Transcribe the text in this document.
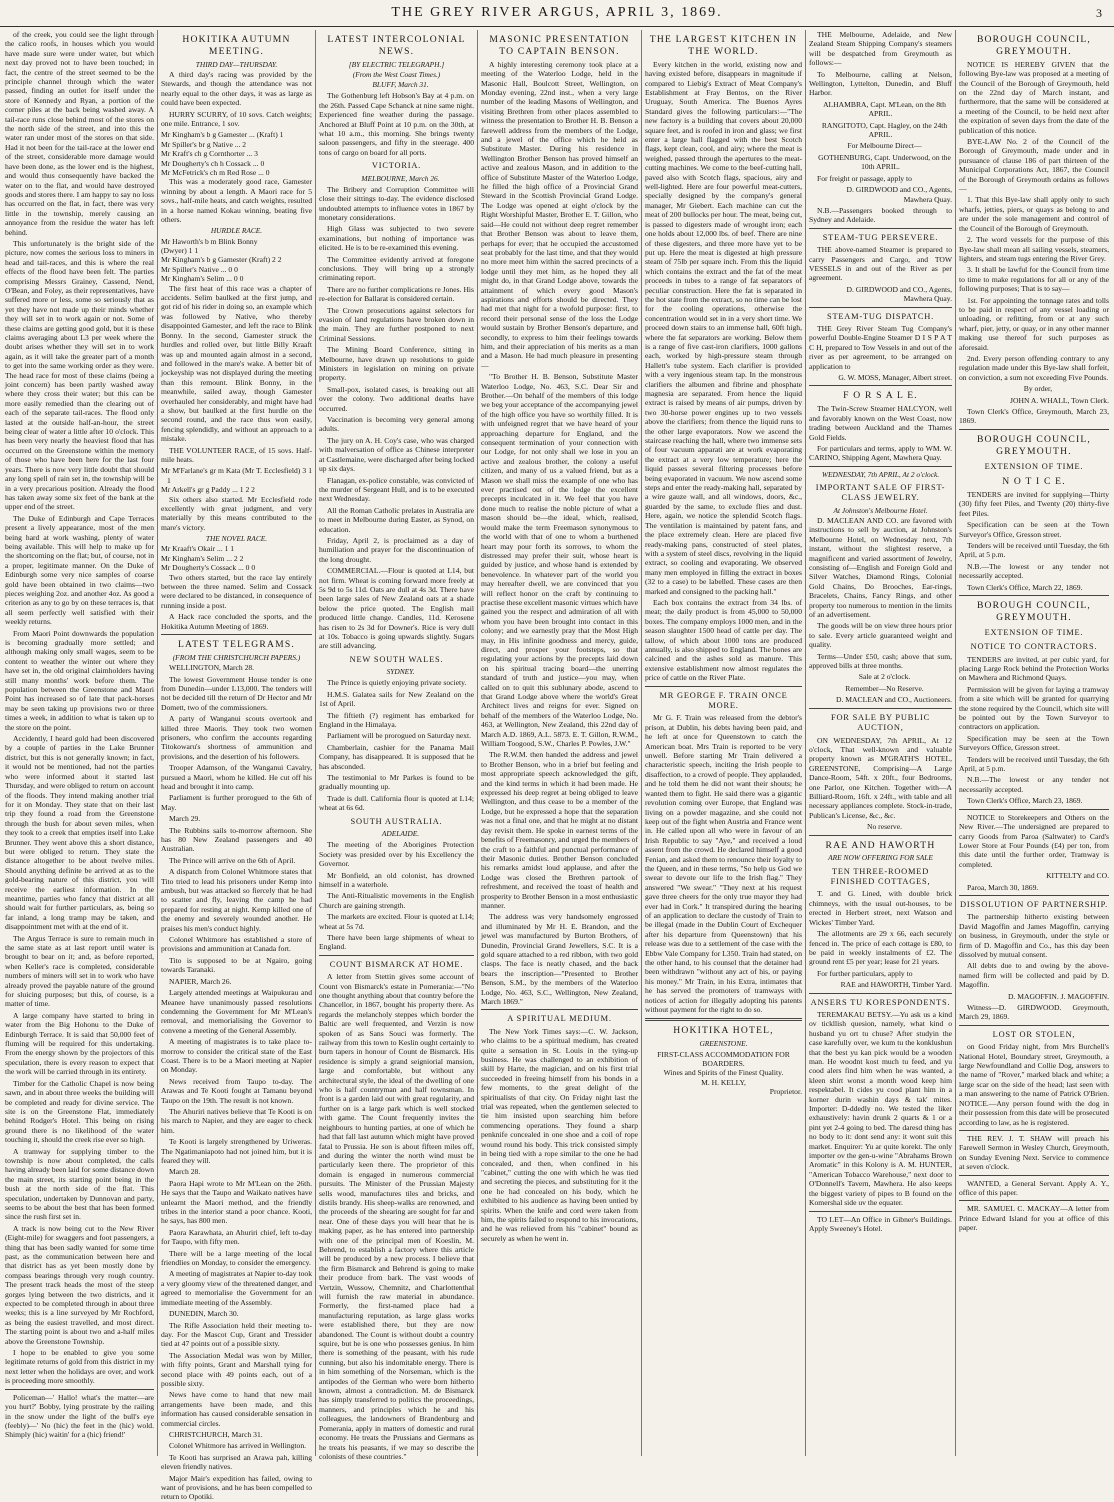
THE GREY RIVER ARGUS, APRIL 3, 1869.	3

of the creek, you could see the light through the calico roofs, in houses which you would have made sure were under water, but which next day proved not to have been touched; in fact, the centre of the street seemed to be the principle channel through which the water passed, finding an outlet for itself under the store of Kennedy and Ryan, a portion of the corner piles at the back being washed away. A tail-race runs close behind most of the stores on the north side of the street, and into this the water ran under most of the stores on that side. Had it not been for the tail-race at the lower end of the street, considerable more damage would have been done, as the lower end is the highest, and would thus consequently have backed the water on to the flat, and would have destroyed goods and stores there. I am happy to say no loss has occurred on the flat, in fact, there was very little in the township, merely causing an annoyance from the residue the water has left behind.

This unfortunately is the bright side of the picture, now comes the serious loss to miners in head and tail-races, and this is where the real effects of the flood have been felt. The parties comprising Messrs Grainey, Cassend, Nend, O'Bean, and Foley, as their representatives, have suffered more or less, some so seriously that as yet they have not made up their minds whether they will set in to work again or not. Some of these claims are getting good gold, but it is these claims averaging about L3 per week where the doubt arises whether they will set in to work again, as it will take the greater part of a month to get into the same working order as they were. The head race for most of these claims (being a joint concern) has been partly washed away where they cross their water; but this can be more easily remedied than the clearing out of each of the separate tail-races. The flood only lasted at the outside half-an-hour, the street being clear of water a little after 10 o'clock. This has been very nearly the heaviest flood that has occurred on the Greenstone within the memory of those who have been here for the last four years. There is now very little doubt that should any long spell of rain set in, the township will be in a very precarious position. Already the flood has taken away some six feet of the bank at the upper end of the street.

The Duke of Edinburgh and Cape Terraces present a lively appearance, most of the men being hard at work washing, plenty of water being available. This will help to make up for the shortcoming on the flat; but, of course, not in a proper, legitimate manner. On the Duke of Edinburgh some very nice samples of coarse gold have been obtained in two claims—two pieces weighing 2oz. and another 4oz. As good a criterion as any to go by on these terraces is, that all seem perfectly well satisfied with their weekly returns.

From Maori Point downwards the population is becoming gradually more settled; and although making only small wages, seem to be content to weather the winter out where they have set in, the old original claimholders having still many months' work before them. The population between the Greenstone and Maori Point has increased so of late that pack-horses may be seen taking up provisions two or three times a week, in addition to what is taken up to the store on the point.

Accidently, I heard gold had been discovered by a couple of parties in the Lake Brunner district, but this is not generally known; in fact, it would not be mentioned, had not the parties who were informed about it started last Thursday, and were obliged to return on account of the floods. They intend making another trial for it on Monday. They state that on their last trip they found a road from the Greenstone through the bush for about seven miles, when they took to a creek that empties itself into Lake Brunner. They went above this a short distance, but were obliged to return. They state the distance altogether to be about twelve miles. Should anything definite be arrived at as to the gold-bearing nature of this district, you will receive the earliest information. In the meantime, parties who fancy that district at all should wait for further particulars, as, being so far inland, a long tramp may be taken, and disappointment met with at the end of it.

The Argus Terrace is sure to remain much in the same state as at last report until water is brought to bear on it; and, as before reported, when Keller's race is completed, considerable numbers of miners will set in to work who have already proved the payable nature of the ground for sluicing purposes; but this, of course, is a matter of time.

A large company have started to bring in water from the Big Hohonu to the Duke of Edinburgh Terrace. It is said that 50,000 feet of fluming will be required for this undertaking. From the energy shown by the projectors of this speculation, there is every reason to expect that the work will be carried through in its entirety.

Timber for the Catholic Chapel is now being sawn, and in about three weeks the building will be completed and ready for divine service. The site is on the Greenstone Flat, immediately behind Rodger's Hotel. This being on rising ground there is no likelihood of the water touching it, should the creek rise ever so high.

A tramway for supplying timber to the township is now about completed, the calls having already been laid for some distance down the main street, its starting point being in the bush at the north side of the flat. This speculation, undertaken by Dunnovan and party, seems to be about the best that has been formed since the rush first set in.

A track is now being cut to the New River (Eight-mile) for swaggers and foot passengers, a thing that has been sadly wanted for some time past, as the communication between here and that district has as yet been mostly done by compass bearings through very rough country. The present track heads the most of the steep gorges lying between the two districts, and it expected to be completed through in about three weeks; this is a line surveyed by Mr Rochford, as being the easiest travelled, and most direct. The starting point is about two and a-half miles above the Greenstone Township.

I hope to be enabled to give you some legitimate returns of gold from this district in my next letter when the holidays are over, and work is proceeding more smoothly.

Policeman—' Hallo! what's the matter—are you hurt?' Bobby, lying prostrate by the railing in the snow under the light of the bull's eye (feebly)—' No (hic) the feet in the (hic) wold. Shimply (hic) waitin' for a (hic) friend!'

HOKITIKA AUTUMN MEETING.
THIRD DAY—THURSDAY.

A third day's racing was provided by the Stewards, and though the attendance was not nearly equal to the other days, it was as large as could have been expected.

HURRY SCURRY, of 10 sovs. Catch weights; one mile. Entrance, 1 sov.

Mr Kingham's b g Gamester ... (Kraft) 1
Mr Spiller's br g Native ... 2
Mr Kraft's ch g Cornthorter ... 3
Mr Dougherty's ch h Cossack ... 0
Mr McFetrick's ch m Red Rose ... 0

This was a moderately good race, Gamester winning by about a length. A Maori race for 5 sovs., half-mile heats, and catch weights, resulted in a horse named Kokau winning, beating five others.

HURDLE RACE.
Mr Haworth's b m Blink Bonny
(Dwyer) 1 1
Mr Kingham's b g Gamester (Kraft) 2 2
Mr Spiller's Native ... 0 0
Mr Kingham's Selim ... 0 0

The first heat of this race was a chapter of accidents. Selim baulked at the first jump, and got rid of his rider in doing so, an example which was followed by Native, who thereby disappointed Gamester, and left the race to Blink Bonny. In the second, Gamester struck the hurdles and rolled over, but little Billy Kraaft was up and mounted again almost in a second, and followed in the mare's wake. A better bit of jockeyship was not displayed during the meeting than this remount. Blink Bonny, in the meanwhile, sailed away, though Gamester overhauled her considerably, and might have had a show, but baulked at the first hurdle on the second round, and the race thus won easily, fencing splendidly, and without an approach to a mistake.

THE VOLUNTEER RACE, of 15 sovs. Half-mile heats.

Mr M'Farlane's gr m Kata (Mr T. Ecclesfield) 3 1 1
Mr Arkell's gr g Paddy ... 1 2 2

Six others also started. Mr Ecclesfield rode excellently with great judgment, and very materially by this means contributed to the mare's victory.

THE NOVEL RACE.
Mr Kraaft's Okair ... 1 1
Mr Kingham's Selim ... 2 2
Mr Dougherty's Cossack ... 0 0

Two others started, but the race lay entirely between the three named. Selim and Cossack were declared to be distanced, in consequence of running inside a post.

A Hack race concluded the sports, and the Hokitika Autumn Meeting of 1869.

LATEST TELEGRAMS.
(FROM THE CHRISTCHURCH PAPERS.)

WELLINGTON, March 28.

The lowest Government House tender is one from Dunedin—under L13,000. The tenders will not be decided till the return of Dr Hector and Mr Domett, two of the commissioners.

A party of Wanganui scouts overtook and killed three Maoris. They took two women prisoners, who confirm the accounts regarding Titokowaru's shortness of ammunition and provisions, and the desertion of his followers.

Trooper Adamson, of the Wanganui Cavalry, pursued a Maori, whom he killed. He cut off his head and brought it into camp.

Parliament is further prorogued to the 6th of May.

March 29.

The Rubbins sails to-morrow afternoon. She has 80 New Zealand passengers and 40 Australian.

The Prince will arrive on the 6th of April.

A dispatch from Colonel Whitmore states that Tito tried to lead his prisoners under Kemp into ambush, but was attacked so fiercely that he had to scatter and fly, leaving the camp he had prepared for resting at night. Kemp killed one of the enemy and severely wounded another. He praises his men's conduct highly.

Colonel Whitmore has established a store of provisions and ammunition at Canada fort.

Tito is supposed to be at Ngairo, going towards Taranaki.

NAPIER, March 26.

Largely attended meetings at Waipukurau and Meanee have unanimously passed resolutions condemning the Government for Mr M'Lean's removal, and memorialising the Governor to convene a meeting of the General Assembly.

A meeting of magistrates is to take place to-morrow to consider the critical state of the East Coast. There is to be a Maori meeting at Napier on Monday.

News received from Taupo to-day. The Arawas and Te Kooti fought at Tamanu beyond Taupo on the 19th. The result is not known.

The Ahuriri natives believe that Te Kooti is on his march to Napier, and they are eager to check him.

Te Kooti is largely strengthened by Uriweras. The Ngatimaniapoto had not joined him, but it is feared they will.

March 28.

Paora Hapi wrote to Mr M'Lean on the 26th. He says that the Taupo and Waikato natives have unlearnt the Maori method, and the friendly tribes in the interior stand a poor chance. Kooti, he says, has 800 men.

Paora Karawhata, an Ahuriri chief, left to-day for Taupo, with fifty men.

There will be a large meeting of the local friendlies on Monday, to consider the emergency.

A meeting of magistrates at Napier to-day took a very gloomy view of the threatened danger, and agreed to memorialise the Government for an immediate meeting of the Assembly.

DUNEDIN, March 30.

The Rifle Association held their meeting to-day. For the Mascot Cup, Grant and Tressider tied at 47 points out of a possible sixty.

The Association Medal was won by Miller, with fifty points, Grant and Marshall tying for second place with 49 points each, out of a possible sixty.

News have come to hand that new mail arrangements have been made, and this information has caused considerable sensation in commercial circles.

CHRISTCHURCH, March 31.

Colonel Whitmore has arrived in Wellington.

Te Kooti has surprised an Arawa pah, killing eleven friendly natives.

Major Mair's expedition has failed, owing to want of provisions, and he has been compelled to return to Opotiki.

LATEST INTERCOLONIAL NEWS.
[BY ELECTRIC TELEGRAPH.]
(From the West Coast Times.)

BLUFF, March 31.

The Gothenburg left Hobson's Bay at 4 p.m. on the 26th. Passed Cape Schanck at nine same night. Experienced fine weather during the passage. Anchored at Bluff Point at 10 p.m. on the 30th, at what 10 a.m., this morning. She brings twenty saloon passengers, and fifty in the steerage. 400 tons of cargo on board for all ports.

VICTORIA.

MELBOURNE, March 26.

The Bribery and Corruption Committee will close their sittings to-day. The evidence disclosed undoubted attempts to influence votes in 1867 by monetary considerations.

High Glass was subjected to two severe examinations, but nothing of importance was elicited. He is to be re-examined this evening.

The Committee evidently arrived at foregone conclusions. They will bring up a strongly criminating report.

There are no further complications re Jones. His re-election for Ballarat is considered certain.

The Crown prosecutions against selectors for evasion of land regulations have broken down in the main. They are further postponed to next Criminal Sessions.

The Mining Board Conference, sitting in Melbourne, have drawn up resolutions to guide Ministers in legislation on mining on private property.

Small-pox, isolated cases, is breaking out all over the colony. Two additional deaths have occurred.

Vaccination is becoming very general among adults.

The jury on A. H. Coy's case, who was charged with malversation of office as Chinese interpreter at Castlemaine, were discharged after being locked up six days.

Flanagan, ex-police constable, was convicted of the murder of Sergeant Hull, and is to be executed next Wednesday.

All the Roman Catholic prelates in Australia are to meet in Melbourne during Easter, as Synod, on education.

Friday, April 2, is proclaimed as a day of humiliation and prayer for the discontinuation of the long drought.

COMMERCIAL.—Flour is quoted at L14, but not firm. Wheat is coming forward more freely at 5s 9d to 5s 11d. Oats are dull at 4s 3d. There have been large sales of New Zealand oats at a shade below the price quoted. The English mail produced little change. Candles, 11d. Kerosene has risen to 2s 3d for Downer's. Rice is very dull at 10s. Tobacco is going upwards slightly. Sugars are still advancing.

NEW SOUTH WALES.

SYDNEY.

The Prince is quietly enjoying private society.

H.M.S. Galatea sails for New Zealand on the 1st of April.

The fiftieth (?) regiment has embarked for England in the Himalaya.

Parliament will be prorogued on Saturday next.

Chamberlain, cashier for the Panama Mail Company, has disappeared. It is supposed that he has absconded.

The testimonial to Mr Parkes is found to be gradually mounting up.

Trade is dull. California flour is quoted at L14; wheat at 6s 6d.

SOUTH AUSTRALIA.

ADELAIDE.

The meeting of the Aborigines Protection Society was presided over by his Excellency the Governor.

Mr Bonfield, an old colonist, has drowned himself in a waterhole.

The Anti-Ritualistic movements in the English Church are gaining strength.

The markets are excited. Flour is quoted at L14; wheat at 5s 7d.

There have been large shipments of wheat to England.

COUNT BISMARCK AT HOME.

A letter from Stettin gives some account of Count von Bismarck's estate in Pomerania:—"No one thought anything about that country before the Chancellor, in 1867, bought his property there. As regards the melancholy steppes which border the Baltic are well frequented, and Verzin is now spoken of as Sans Souci was formerly. The railway from this town to Keslin ought certainly to burn tapers in honour of Count de Bismarck. His residence is simply a grand seigniorial mansion, large and comfortable, but without any architectural style, the ideal of the dwelling of one who is half countryman and half townsman. In front is a garden laid out with great regularity, and further on is a large park which is well stocked with game. The Count frequently invites the neighbours to hunting parties, at one of which he had that fall last autumn which might have proved fatal to Prussia. He son is about fifteen miles off, and during the winter the north wind must be particularly keen there. The proprietor of this domain is engaged in numerous commercial pursuits. The Minister of the Prussian Majesty sells wood, manufactures tiles and bricks, and distils brandy. His sheep-walks are renowned, and the proceeds of the shearing are sought for far and near. One of these days you will hear that he is making paper, as he has entered into partnership with one of the principal men of Koeslin, M. Behrend, to establish a factory where this article will be produced by a new process. I believe that the firm Bismarck and Behrend is going to make their produce from bark. The vast woods of Vertzin, Wussow, Chemnitz, and Charlottenthal will furnish the raw material in abundance. Formerly, the first-named place had a manufacturing reputation, as large glass works were established there, but they are now abandoned. The Count is without doubt a country squire, but he is one who possesses genius. In him there is something of the peasant, with his rude cunning, but also his indomitable energy. There is in him something of the Norseman, which is the antipodes of the German who were born hitherto known, almost a contradiction. M. de Bismarck has simply transferred to politics the proceedings, manners, and principles which he and his colleagues, the landowners of Brandenburg and Pomerania, apply in matters of domestic and rural economy. He treats the Prussians and Germans as he treats his peasants, if we may so describe the colonists of these countries."

MASONIC PRESENTATION TO CAPTAIN BENSON.

A highly interesting ceremony took place at a meeting of the Waterloo Lodge, held in the Masonic Hall, Boulcott Street, Wellington, on Monday evening, 22nd inst., when a very large number of the leading Masons of Wellington, and visiting Brethren from other places assembled to witness the presentation to Brother H. B. Benson a farewell address from the members of the Lodge, and a jewel of the office which he held as Substitute Master. During his residence in Wellington Brother Benson has proved himself an active and zealous Mason, and in addition to the office of Substitute Master of the Waterloo Lodge, he filled the high office of a Provincial Grand Steward in the Scottish Provincial Grand Lodge. The Lodge was opened at eight o'clock by the Right Worshipful Master, Brother E. T. Gillon, who said—He could not without deep regret remember that Brother Benson was about to leave them, perhaps for ever; that he occupied the accustomed seat probably for the last time, and that they would no more meet him within the sacred precincts of a lodge until they met him, as he hoped they all might do, in that Grand Lodge above, towards the attainment of which every good Mason's aspirations and efforts should be directed. They had met that night for a twofold purpose: first, to record their personal sense of the loss the Lodge would sustain by Brother Benson's departure, and secondly, to express to him their feelings towards him, and their appreciation of his merits as a man and a Mason. He had much pleasure in presenting—

"To Brother H. B. Benson, Substitute Master Waterloo Lodge, No. 463, S.C. Dear Sir and Brother.—On behalf of the members of this lodge we beg your acceptance of the accompanying jewel of the high office you have so worthily filled. It is with unfeigned regret that we have heard of your approaching departure for England, and the consequent termination of your connection with our Lodge, for not only shall we lose in you an active and zealous brother, the colony a useful citizen, and many of us a valued friend, but as a Mason we shall miss the example of one who has ever practised out of the lodge the excellent precepts inculcated in it. We feel that you have done much to realise the noble picture of what a mason should be—the ideal, which, realised, would make the term Freemason synonymous to the world with that of one to whom a burthened heart may pour forth its sorrows, to whom the distressed may prefer their suit, whose heart is guided by justice, and whose hand is extended by benevolence. In whatever part of the world you may hereafter dwell, we are convinced that you will reflect honor on the craft by continuing to practise these excellent masonic virtues which have gained you the respect and admiration of all with whom you have been brought into contact in this colony; and we earnestly pray that the Most High may, in His infinite goodness and mercy, guide, direct, and prosper your footsteps, so that regulating your actions by the precepts laid down on his spiritual tracing board—the unerring standard of truth and justice—you may, when called on to quit this sublunary abode, ascend to that Grand Lodge above where the world's Great Architect lives and reigns for ever. Signed on behalf of the members of the Waterloo Lodge, No. 463, at Wellington, New Zealand, this 22nd day of March A.D. 1869, A.L. 5873. E. T. Gillon, R.W.M., William Toogood, S.W., Charles P. Powles, J.W."

The R.W.M. then handed the address and jewel to Brother Benson, who in a brief but feeling and most appropriate speech acknowledged the gift, and the kind terms in which it had been made. He expressed his deep regret at being obliged to leave Wellington, and thus cease to be a member of the Lodge, but he expressed a hope that the separation was not a final one, and that he might at no distant day revisit them. He spoke in earnest terms of the benefits of Freemasonry, and urged the members of the craft to a faithful and punctual performance of their Masonic duties. Brother Benson concluded his remarks amidst loud applause, and after the Lodge was closed the Brethren partook of refreshment, and received the toast of health and prosperity to Brother Benson in a most enthusiastic manner.

The address was very handsomely engrossed and illuminated by Mr H. E. Brandon, and the jewel was manufactured by Burton Brothers, of Dunedin, Provincial Grand Jewellers, S.C. It is a gold square attached to a red ribbon, with two gold clasps. The face is neatly chased, and the back bears the inscription—"Presented to Brother Benson, S.M., by the members of the Waterloo Lodge, No. 463, S.C., Wellington, New Zealand, March 1869."

A SPIRITUAL MEDIUM.

The New York Times says:—C. W. Jackson, who claims to be a spiritual medium, has created quite a sensation in St. Louis in the tying-up business. He was challenged to an exhibition of skill by Harte, the magician, and on his first trial succeeded in freeing himself from his bonds in a few moments, to the great delight of the spiritualists of that city. On Friday night last the trial was repeated, when the gentlemen selected to tie him insisted upon searching him before commencing operations. They found a sharp penknife concealed in one shoe and a coil of rope wound round his body. This trick consisted simply in being tied with a rope similar to the one he had concealed, and then, when confined in his "cabinet," cutting the one with which he was tied and secreting the pieces, and substituting for it the one he had concealed on his body, which he exhibited to his audience as having been untied by spirits. When the knife and cord were taken from him, the spirits failed to respond to his invocations, and he was relieved from his "cabinet" bound as securely as when he went in.

THE LARGEST KITCHEN IN THE WORLD.

Every kitchen in the world, existing now and having existed before, disappears in magnitude if compared to Liebig's Extract of Meat Company's Establishment at Fray Bentos, on the River Uruguay, South America. The Buenos Ayres Standard gives the following particulars:—"The new factory is a building that covers about 20,000 square feet, and is roofed in iron and glass; we first enter a large hall flagged with the best Scotch flags, kept clean, cool, and airy; where the meat is weighed, passed through the apertures to the meat-cutting machines. We come to the beef-cutting hall, paved also with Scotch flags, spacious, airy and well-lighted. Here are four powerful meat-cutters, specially designed by the company's general manager, Mr Giebert. Each machine can cut the meat of 200 bullocks per hour. The meat, being cut, is passed to digesters made of wrought iron; each one holds about 12,000 lbs. of beef. There are nine of these digesters, and three more have yet to be put up. Here the meat is digested at high pressure steam of 75lb per square inch. From this the liquid which contains the extract and the fat of the meat proceeds in tubes to a range of fat separators of peculiar construction. Here the fat is separated in the hot state from the extract, so no time can be lost for the cooling operations, otherwise the concentration would set in in a very short time. We proceed down stairs to an immense hall, 60ft high, where the fat separators are working. Below them is a range of five cast-iron clarifiers, 1000 gallons each, worked by high-pressure steam through Hallett's tube system. Each clarifier is provided with a very ingenious steam tap. In the monstrous clarifiers the albumen and fibrine and phosphate magnesia are separated. From hence the liquid extract is raised by means of air pumps, driven by two 30-horse power engines up to two vessels above the clarifiers; from thence the liquid runs to the other large evaporators. Now we ascend the staircase reaching the hall, where two immense sets of four vacuum apparati are at work evaporating the extract at a very low temperature; here the liquid passes several filtering processes before being evaporated in vacuum. We now ascend some steps and enter the ready-making hall, separated by a wire gauze wall, and all windows, doors, &c., guarded by the same, to exclude flies and dust. Here, again, we notice the splendid Scotch flags. The ventilation is maintained by patent fans, and the place extremely clean. Here are placed five ready-making pans, constructed of steel plates, with a system of steel discs, revolving in the liquid extract, so cooling and evaporating. We observed many men employed in filling the extract in boxes (32 to a case) to be labelled. These cases are then marked and consigned to the packing hall."

Each box contains the extract from 34 lbs. of meat; the daily product is from 45,000 to 50,000 boxes. The company employs 1000 men, and in the season slaughter 1500 head of cattle per day. The tallow, of which about 1000 tons are produced annually, is also shipped to England. The bones are calcined and the ashes sold as manure. This extensive establishment now almost regulates the price of cattle on the River Plate.

MR GEORGE F. TRAIN ONCE MORE.

Mr G. F. Train was released from the debtor's prison, at Dublin, his debts having been paid, and he left at once for Queenstown to catch the American boat. Mrs Train is reported to be very unwell. Before starting Mr Train delivered a characteristic speech, inciting the Irish people to disaffection, to a crowd of people. They applauded, and he told them he did not want their shouts; he wanted them to fight. He said there was a gigantic revolution coming over Europe, that England was living on a powder magazine, and she could not keep out of the fight when Austria and France went in. He called upon all who were in favour of an Irish Republic to say "Aye," and received a loud assent from the crowd. He declared himself a good Fenian, and asked them to renounce their loyalty to the Queen, and in these terms, "So help us God we swear to devote our life to the Irish flag." They answered "We swear." "They next at his request gave three cheers for the only true mayor they had ever had in Cork." It transpired during the hearing of an application to declare the custody of Train to be illegal (made in the Dublin Court of Exchequer after his departure from Queenstown) that his release was due to a settlement of the case with the Ebbw Vale Company for L350. Train had stated, on the other hand, to his counsel that the detainer had been withdrawn "without any act of his, or paying his money." Mr Train, in his Extra, intimates that he has served the promoters of tramways with notices of action for illegally adopting his patents without payment for the right to do so.

HOKITIKA HOTEL,
GREENSTONE.
FIRST-CLASS ACCOMMODATION FOR
BOARDERS.
Wines and Spirits of the Finest Quality.
M. H. KELLY,
Proprietor.

THE Melbourne, Adelaide, and New Zealand Steam Shipping Company's steamers will be despatched from Greymouth as follows:—

To Melbourne, calling at Nelson, Wellington, Lyttelton, Dunedin, and Bluff Harbor.

ALHAMBRA, Capt. M'Lean, on the 8th APRIL.

RANGITOTO, Capt. Hagley, on the 24th APRIL.

For Melbourne Direct—

GOTHENBURG, Capt. Underwood, on the 10th APRIL.

For freight or passage, apply to

D. GIRDWOOD and CO., Agents, Mawhera Quay.

N.B.—Passengers booked through to Sydney and Adelaide.

STEAM-TUG PERSEVERE.

THE above-named Steamer is prepared to carry Passengers and Cargo, and TOW VESSELS in and out of the River as per agreement.

D. GIRDWOOD and CO., Agents, Mawhera Quay.

STEAM-TUG DISPATCH.

THE Grey River Steam Tug Company's powerful Double-Engine Steamer D I S P A T C H, prepared to Tow Vessels in and out of the river as per agreement, to be arranged on application to

G. W. MOSS, Manager, Albert street.

F O R S A L E.

The Twin-Screw Steamer HALCYON, well and favorably known on the West Coast, now trading between Auckland and the Thames Gold Fields.

For particulars and terms, apply to WM. W. CARINO, Shipping Agent, Mawhera Quay.

WEDNESDAY, 7th APRIL, At 2 o'clock.
IMPORTANT SALE OF FIRST-CLASS JEWELRY.
At Johnston's Melbourne Hotel.

D. MACLEAN AND CO. are favored with instructions to sell by auction, at Johnston's Melbourne Hotel, on Wednesday next, 7th instant, without the slightest reserve, a magnificent and varied assortment of Jewelry, consisting of—English and Foreign Gold and Silver Watches, Diamond Rings, Colonial Gold Chains, Do Brooches, Ear-rings, Bracelets, Chains, Fancy Rings, and other property too numerous to mention in the limits of an advertisement.

The goods will be on view three hours prior to sale. Every article guaranteed weight and quality.

Terms—Under £50, cash; above that sum, approved bills at three months.

Sale at 2 o'clock.

Remember—No Reserve.

D. MACLEAN and CO., Auctioneers.

FOR SALE BY PUBLIC AUCTION,

ON WEDNESDAY, 7th APRIL, At 12 o'clock, That well-known and valuable property known as M'GRATH'S HOTEL, GREENSTONE, Comprising—A Large Dance-Room, 54ft. x 20ft., four Bedrooms, one Parlor, one Kitchen. Together with—A Billiard-Room, 16ft. x 24ft., with table and all necessary appliances complete. Stock-in-trade, Publican's License, &c., &c.

No reserve.

RAE AND HAWORTH
ARE NOW OFFERING FOR SALE
TEN THREE-ROOMED FINISHED COTTAGES,

T. and G. Lined, with double brick chimneys, with the usual out-houses, to be erected in Herbert street, next Watson and Wickes' Timber Yard.

The allotments are 29 x 66, each securely fenced in. The price of each cottage is £80, to be paid in weekly instalments of £2. The ground rent £5 per year; lease for 21 years.

For further particulars, apply to

RAE and HAWORTH, Timber Yard.

ANSERS TU KORESPONDENTS.

TEREMAKAU BETSY.—Yu ask us a kind ov tickllish quesion, namely, what kind o husband yu ort tu chuse? After studyin the case karefully over, we kum tu the konklushun that the best yu kan pick would be a wooden man. He woodnt kost much tu feed, and yu cood alers find him when he was wanted, a kleen shirt wonst a month wood keep him respektabel. It cides yu cood plant him in a korner durin washin days & tak' mites. Importer: D-ddedly no. We tested the liker exhaustively: havin drunk 2 quarts & 1 or a pint yet 2-4 going to bed. The daresd thing has no body to it: dont send any: it wont suit this market. Enquirer: Yu ar quite korekt. The only importer ov the gen-u-wine "Abrahams Brown Aromatic" in this Kolony is A. M. HUNTER, "American Tobacco Warehouse," next door to O'Donnell's Tavern, Mawhera. He also keeps the biggest variety of pipes to B found on the Komershal side uv the equater.

TO LET—An Office in Gibner's Buildings. Apply Sweeney's Hotel.

BOROUGH COUNCIL, GREYMOUTH.

NOTICE IS HEREBY GIVEN that the following Bye-law was proposed at a meeting of the Council of the Borough of Greymouth, held on the 22nd day of March instant, and furthermore, that the same will be considered at a meeting of the Council, to be held next after the expiration of seven days from the date of the publication of this notice.

BYE-LAW No. 2 of the Council of the Borough of Greymouth, made under and in pursuance of clause 186 of part thirteen of the Municipal Corporations Act, 1867, the Council of the Borough of Greymouth ordains as follows—

1. That this Bye-law shall apply only to such wharfs, jetties, piers, or quays as belong to and are under the sole management and control of the Council of the Borough of Greymouth.

2. The word vessels for the purpose of this Bye-law shall mean all sailing vessels, steamers, lighters, and steam tugs entering the River Grey.

3. It shall be lawful for the Council from time to time to make regulations for all or any of the following purposes; That is to say—

1st. For appointing the tonnage rates and tolls to be paid in respect of any vessel loading or unloading, or refitting, from or at any such wharf, pier, jetty, or quay, or in any other manner making use thereof for such purposes as aforesaid.

2nd. Every person offending contrary to any regulation made under this Bye-law shall forfeit, on conviction, a sum not exceeding Five Pounds.

By order,

JOHN A. WHALL, Town Clerk.

Town Clerk's Office, Greymouth, March 23, 1869.

BOROUGH COUNCIL, GREYMOUTH.
EXTENSION OF TIME.
N O T I C E.

TENDERS are invited for supplying—Thirty (30) fifty feet Piles, and Twenty (20) thirty-five feet Piles.

Specification can be seen at the Town Surveyor's Office, Gresson street.

Tenders will be received until Tuesday, the 6th April, at 5 p.m.

N.B.—The lowest or any tender not necessarily accepted.

Town Clerk's Office, March 22, 1869.

BOROUGH COUNCIL, GREYMOUTH.
EXTENSION OF TIME.
NOTICE TO CONTRACTORS.

TENDERS are invited, at per cubic yard, for placing Large Rock behind the Protection Works on Mawhera and Richmond Quays.

Permission will be given for laying a tramway from a site which will be granted for quarrying the stone required by the Council, which site will be pointed out by the Town Surveyor to contractors on application.

Specification may be seen at the Town Surveyors Office, Gresson street.

Tenders will be received until Tuesday, the 6th April, at 5 p.m.

N.B.—The lowest or any tender not necessarily accepted.

Town Clerk's Office, March 23, 1869.

NOTICE to Storekeepers and Others on the New River.—The undersigned are prepared to carry Goods from Paroa (Saltwater) to Card's Lower Store at Four Pounds (£4) per ton, from this date until the further order, Tramway is completed.

KITTELTY and CO.

Paroa, March 30, 1869.

DISSOLUTION OF PARTNERSHIP.

The partnership hitherto existing between David Magoffin and James Magoffin, carrying on business, in Greymouth, under the style or firm of D. Magoffin and Co., has this day been dissolved by mutual consent.

All debts due to and owing by the above-named firm will be collected and paid by D. Magoffin.

D. MAGOFFIN. J. MAGOFFIN.

Witness—D. GIRDWOOD. Greymouth, March 29, 1869.

LOST OR STOLEN,

on Good Friday night, from Mrs Burchell's National Hotel, Boundary street, Greymouth, a large Newfoundland and Collie Dog, answers to the name of "Rover," marked black and white; a large scar on the side of the head; last seen with a man answering to the name of Patrick O'Brien. NOTICE.—Any person found with the dog in their possession from this date will be prosecuted according to law, as he is registered.

THE REV. J. T. SHAW will preach his Farewell Sermon in Wesley Church, Greymouth, on Sunday Evening Next. Service to commence at seven o'clock.

WANTED, a General Servant. Apply A. Y., office of this paper.

MR. SAMUEL C. MACKAY—A letter from Prince Edward Island for you at office of this paper.
